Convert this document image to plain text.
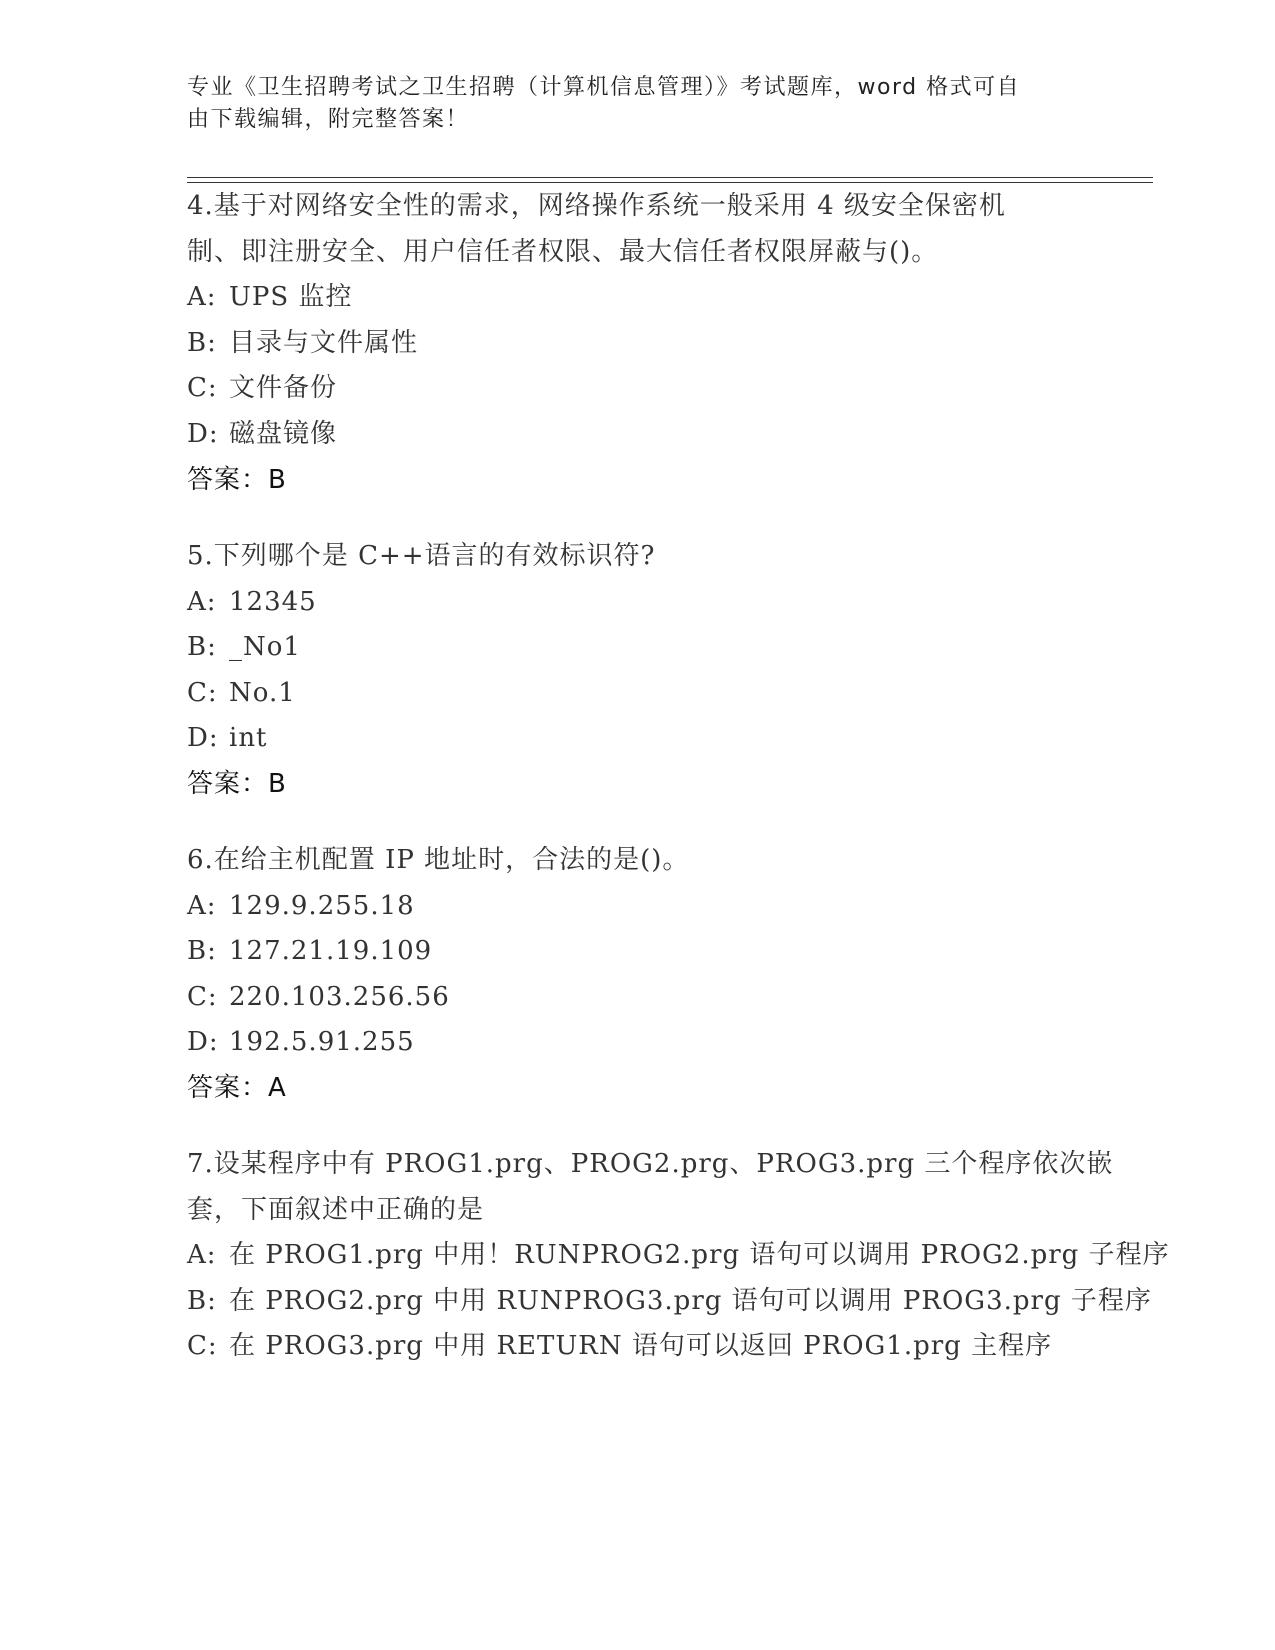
专业《卫生招聘考试之卫生招聘（计算机信息管理）》考试题库，word 格式可自
由下载编辑，附完整答案！
4.基于对网络安全性的需求，网络操作系统一般采用 4 级安全保密机
制、即注册安全、用户信任者权限、最大信任者权限屏蔽与()。
A: UPS 监控
B: 目录与文件属性
C: 文件备份
D: 磁盘镜像
答案：B
5.下列哪个是 C++语言的有效标识符?
A: 12345
B: _No1
C: No.1
D: int
答案：B
6.在给主机配置 IP 地址时，合法的是()。
A: 129.9.255.18
B: 127.21.19.109
C: 220.103.256.56
D: 192.5.91.255
答案：A
7.设某程序中有 PROG1.prg、PROG2.prg、PROG3.prg 三个程序依次嵌
套，下面叙述中正确的是
A: 在 PROG1.prg 中用！RUNPROG2.prg 语句可以调用 PROG2.prg 子程序
B: 在 PROG2.prg 中用 RUNPROG3.prg 语句可以调用 PROG3.prg 子程序
C: 在 PROG3.prg 中用 RETURN 语句可以返回 PROG1.prg 主程序
